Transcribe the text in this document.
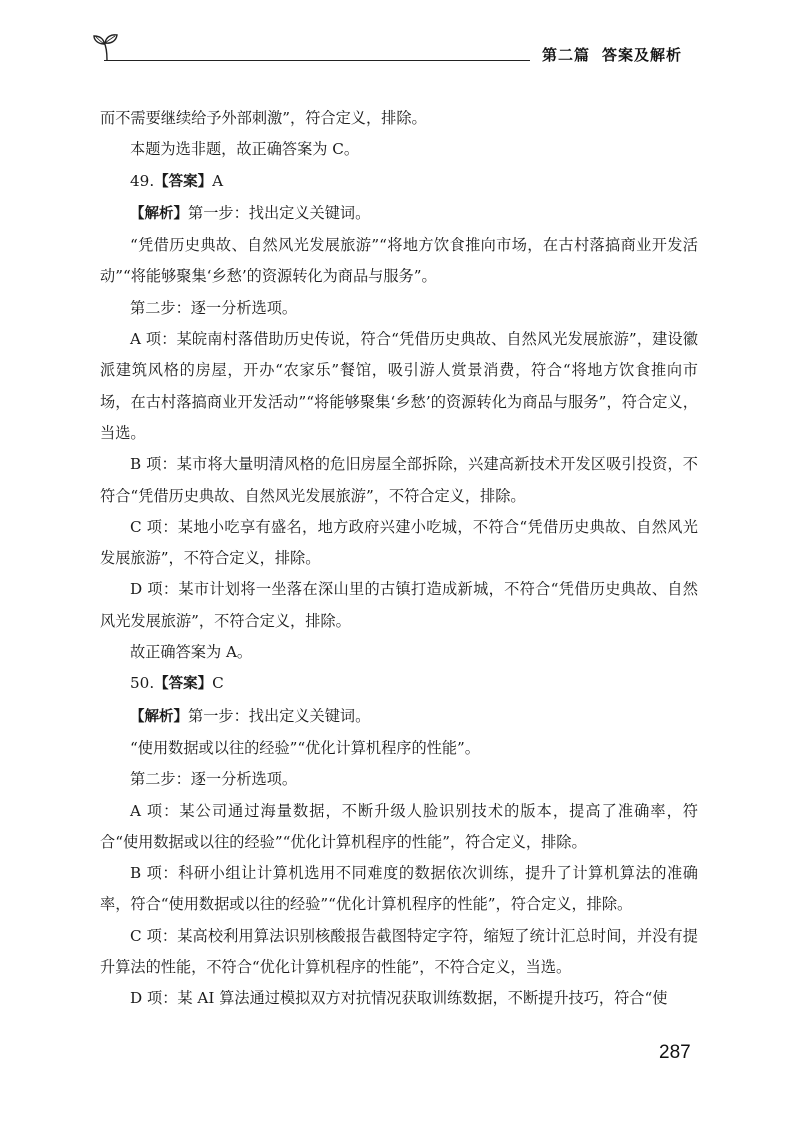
第二篇 答案及解析

而不需要继续给予外部刺激”，符合定义，排除。

本题为选非题，故正确答案为 C。

49.【答案】A

【解析】第一步：找出定义关键词。

“凭借历史典故、自然风光发展旅游”“将地方饮食推向市场，在古村落搞商业开发活动”“将能够聚集‘乡愁’的资源转化为商品与服务”。

第二步：逐一分析选项。

A 项：某皖南村落借助历史传说，符合“凭借历史典故、自然风光发展旅游”，建设徽派建筑风格的房屋，开办“农家乐”餐馆，吸引游人赏景消费，符合“将地方饮食推向市场，在古村落搞商业开发活动”“将能够聚集‘乡愁’的资源转化为商品与服务”，符合定义，当选。

B 项：某市将大量明清风格的危旧房屋全部拆除，兴建高新技术开发区吸引投资，不符合“凭借历史典故、自然风光发展旅游”，不符合定义，排除。

C 项：某地小吃享有盛名，地方政府兴建小吃城，不符合“凭借历史典故、自然风光发展旅游”，不符合定义，排除。

D 项：某市计划将一坐落在深山里的古镇打造成新城，不符合“凭借历史典故、自然风光发展旅游”，不符合定义，排除。

故正确答案为 A。

50.【答案】C

【解析】第一步：找出定义关键词。

“使用数据或以往的经验”“优化计算机程序的性能”。

第二步：逐一分析选项。

A 项：某公司通过海量数据，不断升级人脸识别技术的版本，提高了准确率，符合“使用数据或以往的经验”“优化计算机程序的性能”，符合定义，排除。

B 项：科研小组让计算机选用不同难度的数据依次训练，提升了计算机算法的准确率，符合“使用数据或以往的经验”“优化计算机程序的性能”，符合定义，排除。

C 项：某高校利用算法识别核酸报告截图特定字符，缩短了统计汇总时间，并没有提升算法的性能，不符合“优化计算机程序的性能”，不符合定义，当选。

D 项：某 AI 算法通过模拟双方对抗情况获取训练数据，不断提升技巧，符合“使

287
